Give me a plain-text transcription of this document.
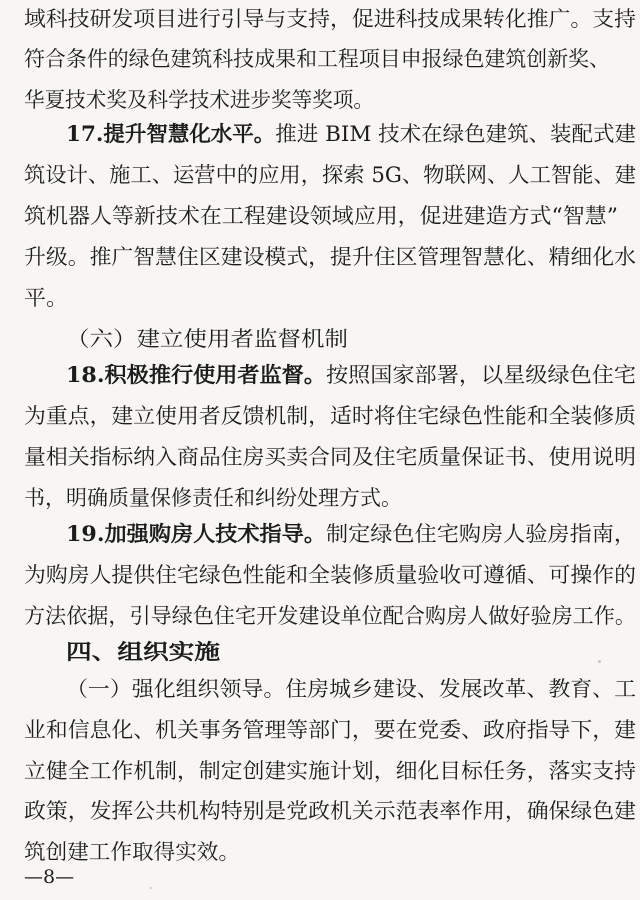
域科技研发项目进行引导与支持，促进科技成果转化推广。支持
符合条件的绿色建筑科技成果和工程项目申报绿色建筑创新奖、
华夏技术奖及科学技术进步奖等奖项。
17.提升智慧化水平。推进 BIM 技术在绿色建筑、装配式建
筑设计、施工、运营中的应用，探索 5G、物联网、人工智能、建
筑机器人等新技术在工程建设领域应用，促进建造方式“智慧”
升级。推广智慧住区建设模式，提升住区管理智慧化、精细化水
平。
（六）建立使用者监督机制
18.积极推行使用者监督。按照国家部署，以星级绿色住宅
为重点，建立使用者反馈机制，适时将住宅绿色性能和全装修质
量相关指标纳入商品住房买卖合同及住宅质量保证书、使用说明
书，明确质量保修责任和纠纷处理方式。
19.加强购房人技术指导。制定绿色住宅购房人验房指南，
为购房人提供住宅绿色性能和全装修质量验收可遵循、可操作的
方法依据，引导绿色住宅开发建设单位配合购房人做好验房工作。
四、组织实施
（一）强化组织领导。住房城乡建设、发展改革、教育、工
业和信息化、机关事务管理等部门，要在党委、政府指导下，建
立健全工作机制，制定创建实施计划，细化目标任务，落实支持
政策，发挥公共机构特别是党政机关示范表率作用，确保绿色建
筑创建工作取得实效。
—8—
